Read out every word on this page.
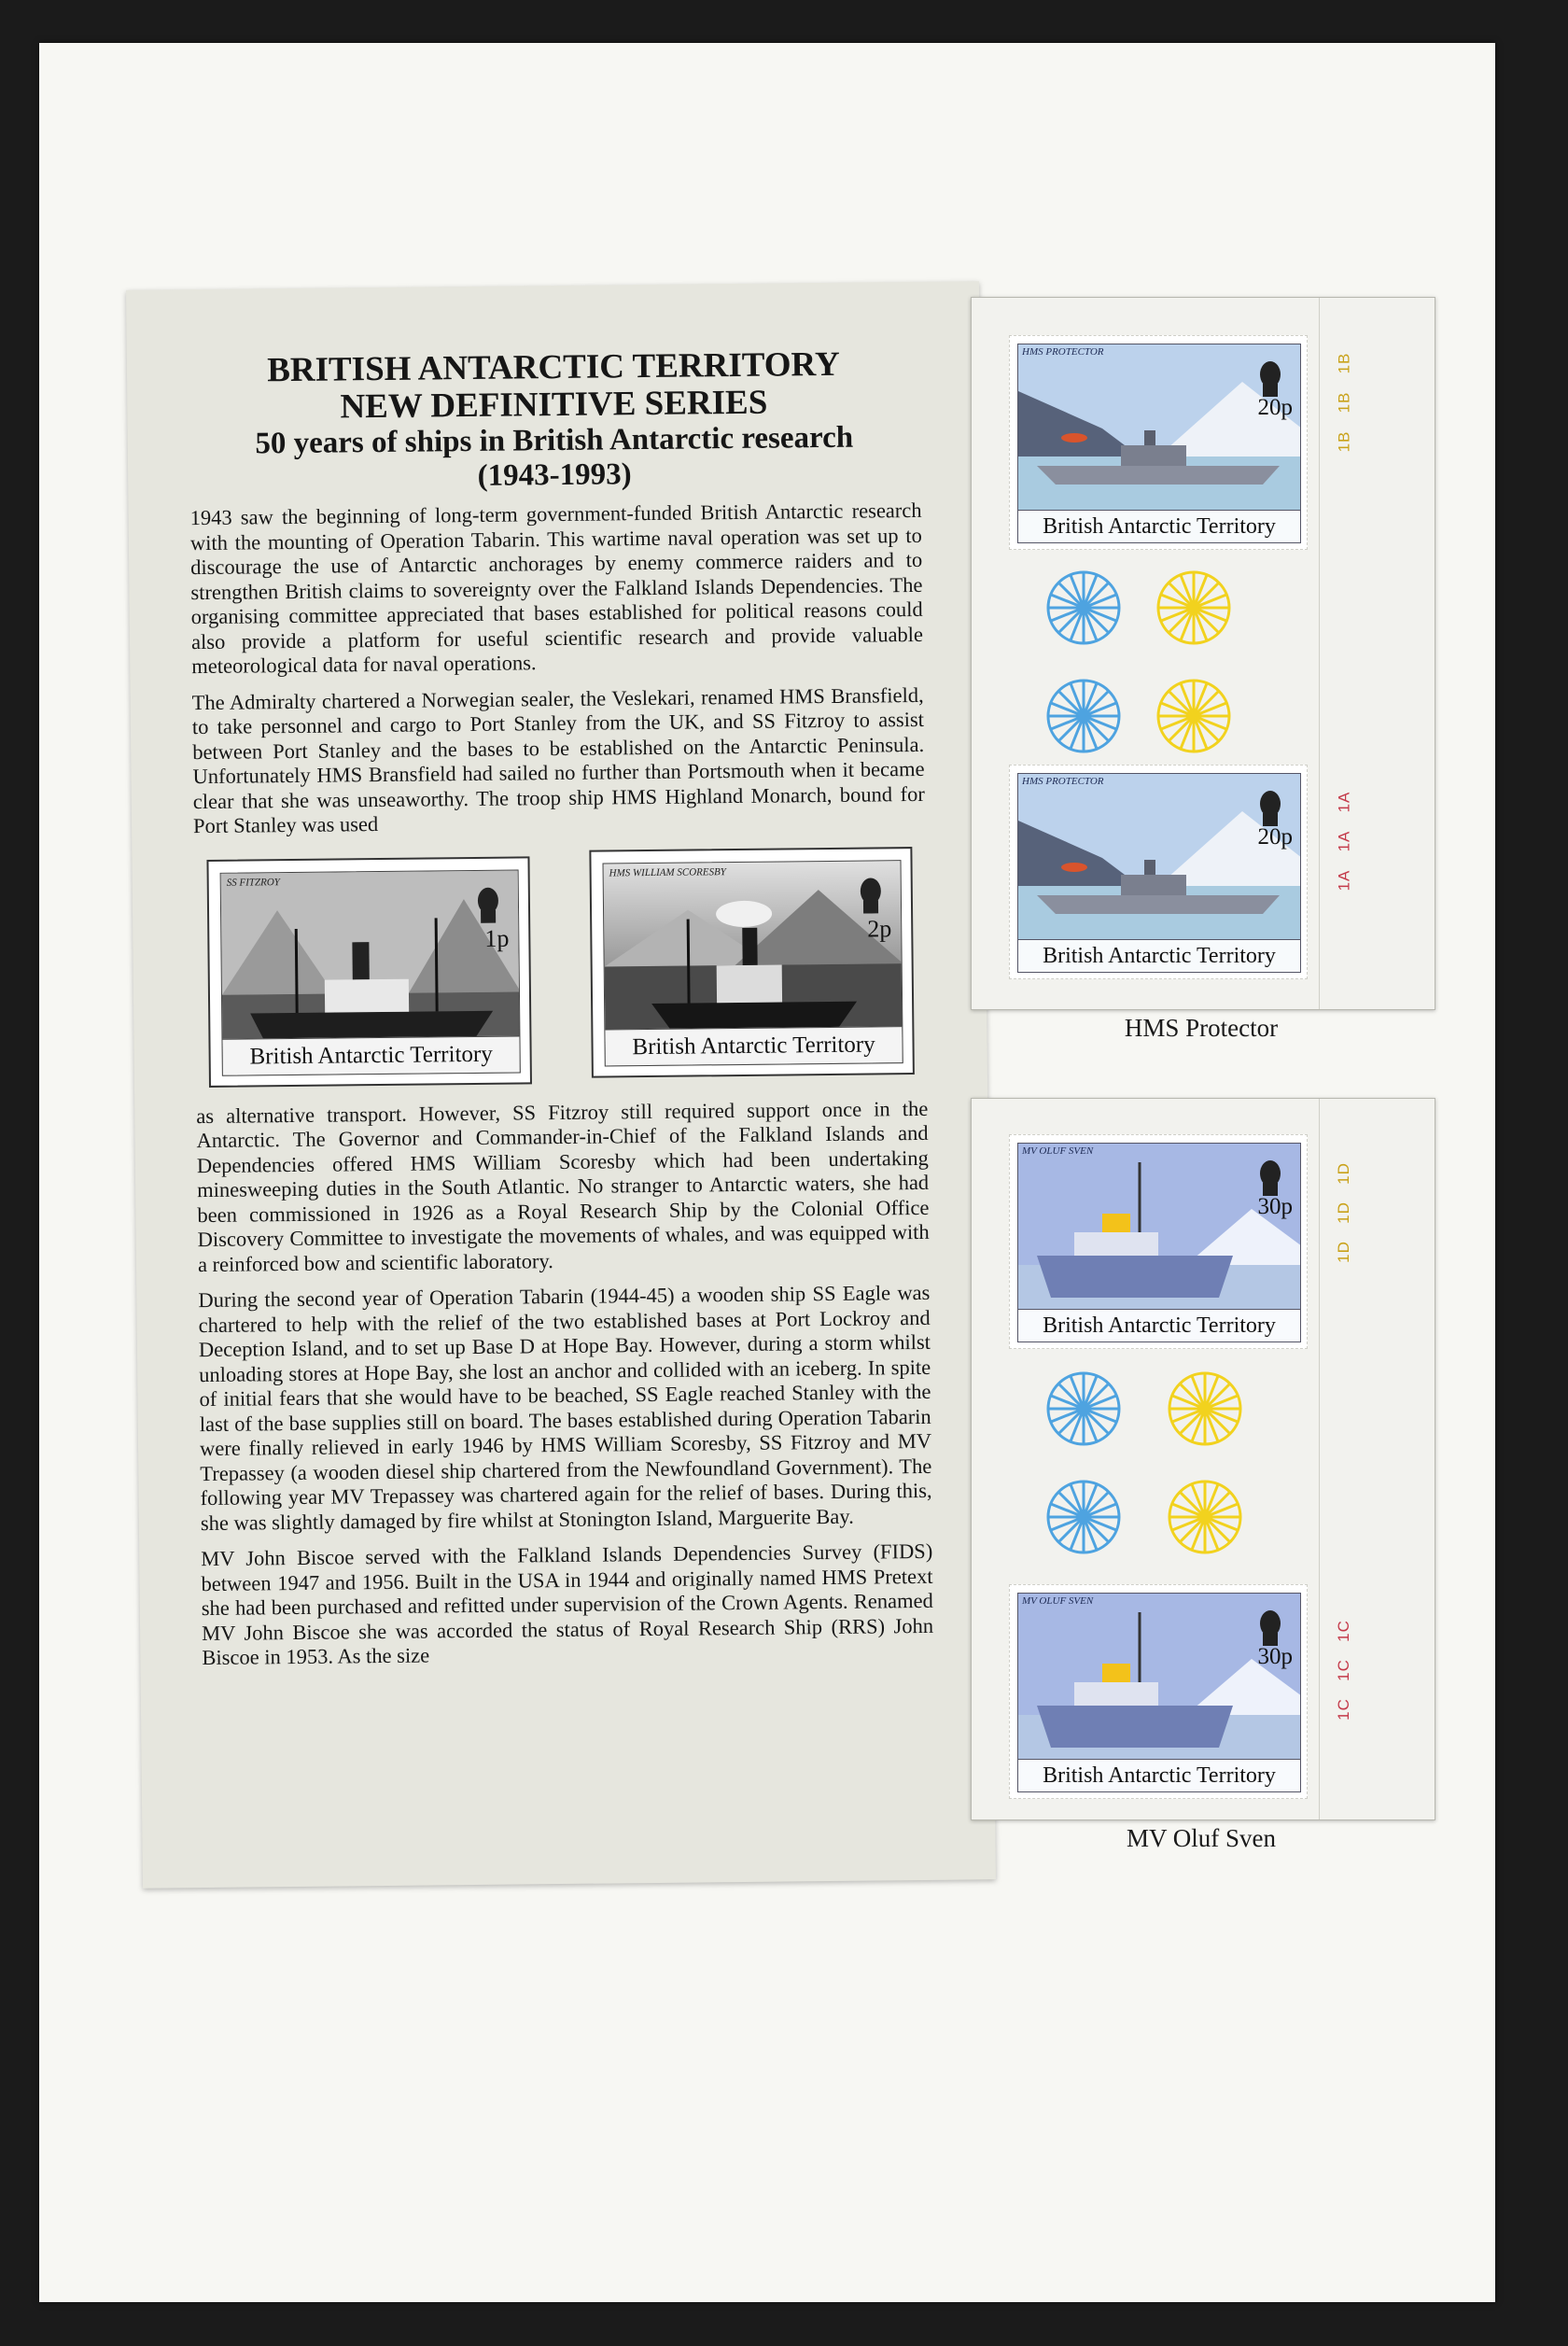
BRITISH ANTARCTIC TERRITORY
NEW DEFINITIVE SERIES
50 years of ships in British Antarctic research
(1943-1993)

1943 saw the beginning of long-term government-funded British Antarctic research with the mounting of Operation Tabarin. This wartime naval operation was set up to discourage the use of Antarctic anchorages by enemy commerce raiders and to strengthen British claims to sovereignty over the Falkland Islands Dependencies. The organising committee appreciated that bases established for political reasons could also provide a platform for useful scientific research and provide valuable meteorological data for naval operations.

The Admiralty chartered a Norwegian sealer, the Veslekari, renamed HMS Bransfield, to take personnel and cargo to Port Stanley from the UK, and SS Fitzroy to assist between Port Stanley and the bases to be established on the Antarctic Peninsula. Unfortunately HMS Bransfield had sailed no further than Portsmouth when it became clear that she was unseaworthy. The troop ship HMS Highland Monarch, bound for Port Stanley was used

SS FITZROY
1p
British Antarctic Territory
HMS WILLIAM SCORESBY
2p
British Antarctic Territory

as alternative transport. However, SS Fitzroy still required support once in the Antarctic. The Governor and Commander-in-Chief of the Falkland Islands and Dependencies offered HMS William Scoresby which had been undertaking minesweeping duties in the South Atlantic. No stranger to Antarctic waters, she had been commissioned in 1926 as a Royal Research Ship by the Colonial Office Discovery Committee to investigate the movements of whales, and was equipped with a reinforced bow and scientific laboratory.

During the second year of Operation Tabarin (1944-45) a wooden ship SS Eagle was chartered to help with the relief of the two established bases at Port Lockroy and Deception Island, and to set up Base D at Hope Bay. However, during a storm whilst unloading stores at Hope Bay, she lost an anchor and collided with an iceberg. In spite of initial fears that she would have to be beached, SS Eagle reached Stanley with the last of the base supplies still on board. The bases established during Operation Tabarin were finally relieved in early 1946 by HMS William Scoresby, SS Fitzroy and MV Trepassey (a wooden diesel ship chartered from the Newfoundland Government). The following year MV Trepassey was chartered again for the relief of bases. During this, she was slightly damaged by fire whilst at Stonington Island, Marguerite Bay.

MV John Biscoe served with the Falkland Islands Dependencies Survey (FIDS) between 1947 and 1956. Built in the USA in 1944 and originally named HMS Pretext she had been purchased and refitted under supervision of the Crown Agents. Renamed MV John Biscoe she was accorded the status of Royal Research Ship (RRS) John Biscoe in 1953. As the size

HMS PROTECTOR
20p
British Antarctic Territory
1B
1B
1B
HMS PROTECTOR
20p
British Antarctic Territory
1A
1A
1A
HMS Protector
MV OLUF SVEN
30p
British Antarctic Territory
1D
1D
1D
MV OLUF SVEN
30p
British Antarctic Territory
1C
1C
1C
MV Oluf Sven
